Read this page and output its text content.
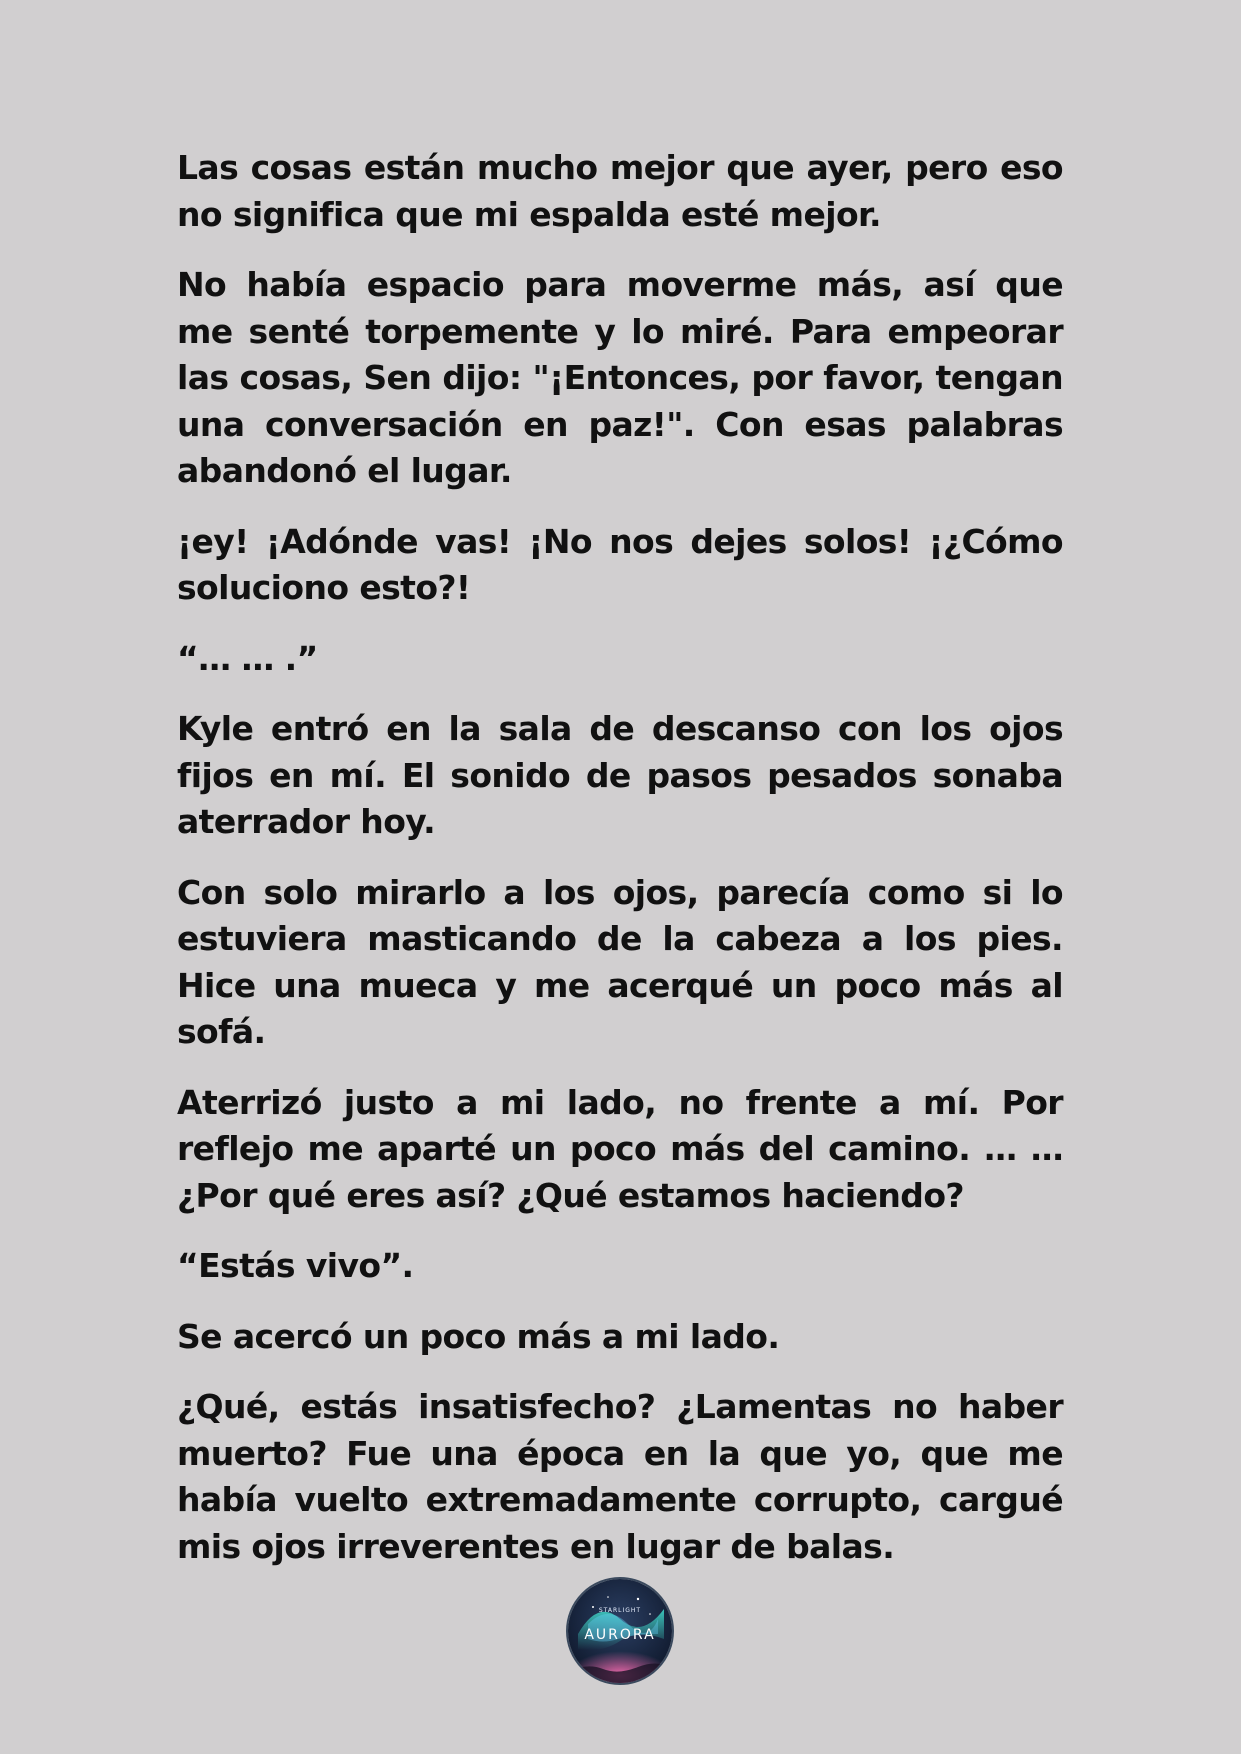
Las cosas están mucho mejor que ayer, pero eso no significa que mi espalda esté mejor.

No había espacio para moverme más, así que me senté torpemente y lo miré. Para empeorar las cosas, Sen dijo: "¡Entonces, por favor, tengan una conversación en paz!". Con esas palabras abandonó el lugar.

¡ey! ¡Adónde vas! ¡No nos dejes solos! ¡¿Cómo soluciono esto?!

“… … .”

Kyle entró en la sala de descanso con los ojos fijos en mí. El sonido de pasos pesados sonaba aterrador hoy.

Con solo mirarlo a los ojos, parecía como si lo estuviera masticando de la cabeza a los pies. Hice una mueca y me acerqué un poco más al sofá.

Aterrizó justo a mi lado, no frente a mí. Por reflejo me aparté un poco más del camino. … … ¿Por qué eres así? ¿Qué estamos haciendo?

“Estás vivo”.

Se acercó un poco más a mi lado.

¿Qué, estás insatisfecho? ¿Lamentas no haber muerto? Fue una época en la que yo, que me había vuelto extremadamente corrupto, cargué mis ojos irreverentes en lugar de balas.

STARLIGHT
AURORA
